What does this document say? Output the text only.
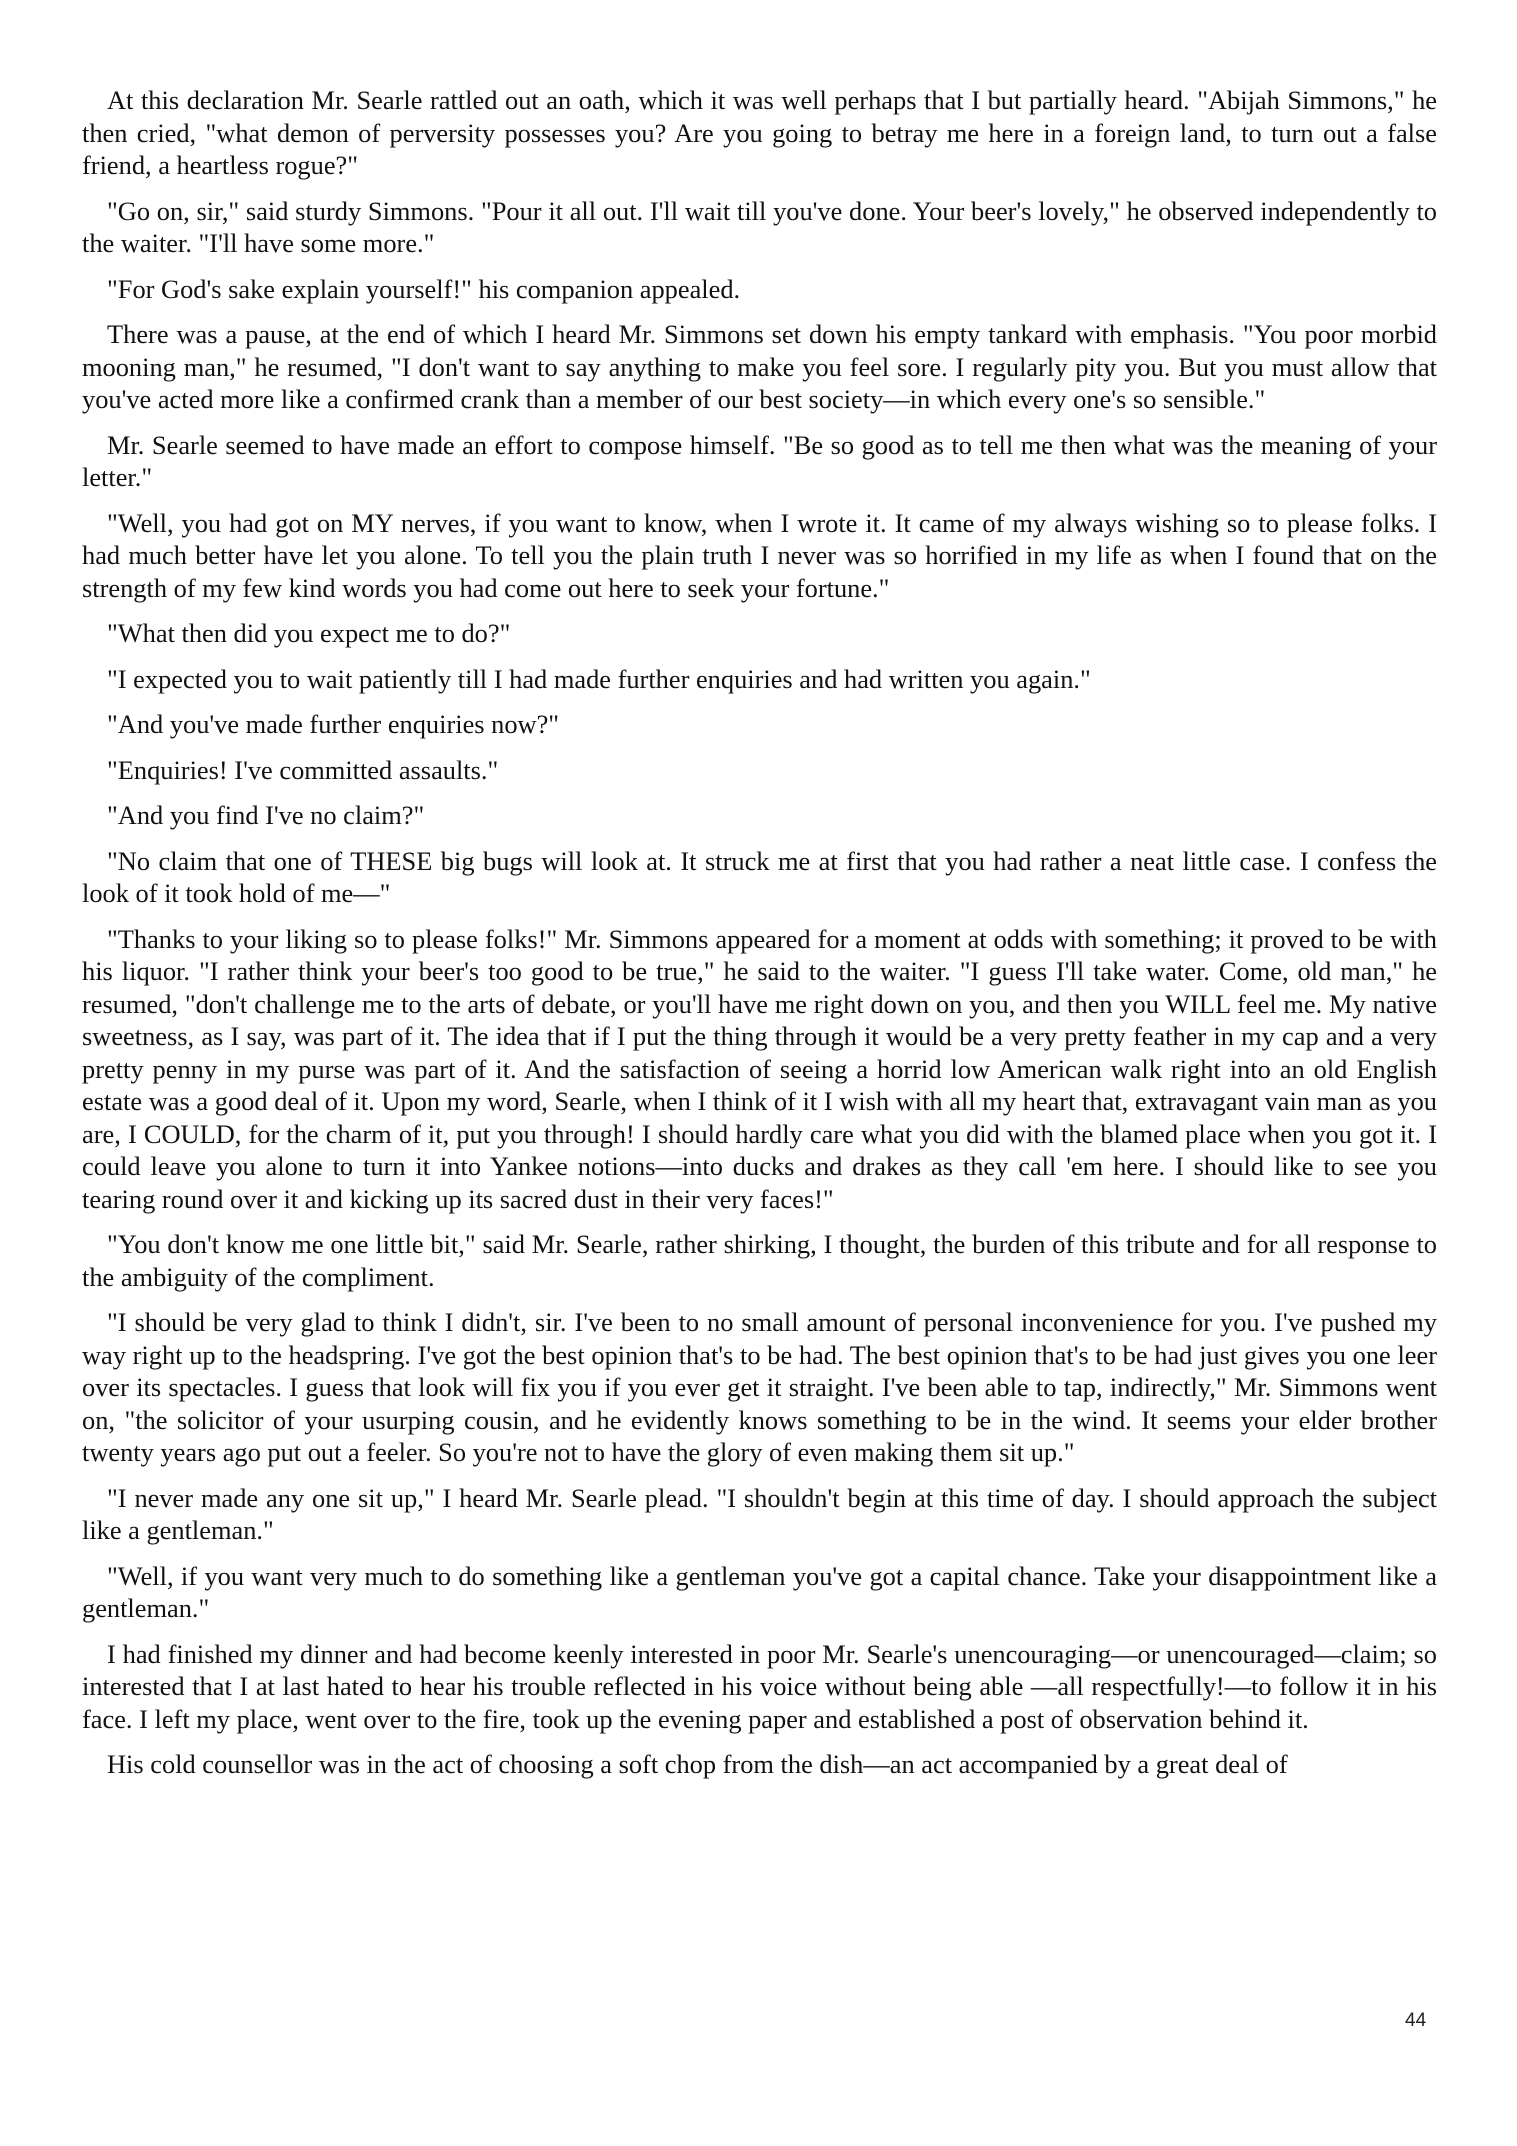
At this declaration Mr. Searle rattled out an oath, which it was well perhaps that I but partially heard. "Abijah Simmons," he then cried, "what demon of perversity possesses you? Are you going to betray me here in a foreign land, to turn out a false friend, a heartless rogue?"

"Go on, sir," said sturdy Simmons. "Pour it all out. I'll wait till you've done. Your beer's lovely," he observed independently to the waiter. "I'll have some more."

"For God's sake explain yourself!" his companion appealed.

There was a pause, at the end of which I heard Mr. Simmons set down his empty tankard with emphasis. "You poor morbid mooning man," he resumed, "I don't want to say anything to make you feel sore. I regularly pity you. But you must allow that you've acted more like a confirmed crank than a member of our best society—in which every one's so sensible."

Mr. Searle seemed to have made an effort to compose himself. "Be so good as to tell me then what was the meaning of your letter."

"Well, you had got on MY nerves, if you want to know, when I wrote it. It came of my always wishing so to please folks. I had much better have let you alone. To tell you the plain truth I never was so horrified in my life as when I found that on the strength of my few kind words you had come out here to seek your fortune."

"What then did you expect me to do?"

"I expected you to wait patiently till I had made further enquiries and had written you again."

"And you've made further enquiries now?"

"Enquiries! I've committed assaults."

"And you find I've no claim?"

"No claim that one of THESE big bugs will look at. It struck me at first that you had rather a neat little case. I confess the look of it took hold of me—"

"Thanks to your liking so to please folks!" Mr. Simmons appeared for a moment at odds with something; it proved to be with his liquor. "I rather think your beer's too good to be true," he said to the waiter. "I guess I'll take water. Come, old man," he resumed, "don't challenge me to the arts of debate, or you'll have me right down on you, and then you WILL feel me. My native sweetness, as I say, was part of it. The idea that if I put the thing through it would be a very pretty feather in my cap and a very pretty penny in my purse was part of it. And the satisfaction of seeing a horrid low American walk right into an old English estate was a good deal of it. Upon my word, Searle, when I think of it I wish with all my heart that, extravagant vain man as you are, I COULD, for the charm of it, put you through! I should hardly care what you did with the blamed place when you got it. I could leave you alone to turn it into Yankee notions—into ducks and drakes as they call 'em here. I should like to see you tearing round over it and kicking up its sacred dust in their very faces!"

"You don't know me one little bit," said Mr. Searle, rather shirking, I thought, the burden of this tribute and for all response to the ambiguity of the compliment.

"I should be very glad to think I didn't, sir. I've been to no small amount of personal inconvenience for you. I've pushed my way right up to the headspring. I've got the best opinion that's to be had. The best opinion that's to be had just gives you one leer over its spectacles. I guess that look will fix you if you ever get it straight. I've been able to tap, indirectly," Mr. Simmons went on, "the solicitor of your usurping cousin, and he evidently knows something to be in the wind. It seems your elder brother twenty years ago put out a feeler. So you're not to have the glory of even making them sit up."

"I never made any one sit up," I heard Mr. Searle plead. "I shouldn't begin at this time of day. I should approach the subject like a gentleman."

"Well, if you want very much to do something like a gentleman you've got a capital chance. Take your disappointment like a gentleman."

I had finished my dinner and had become keenly interested in poor Mr. Searle's unencouraging—or unencouraged—claim; so interested that I at last hated to hear his trouble reflected in his voice without being able —all respectfully!—to follow it in his face. I left my place, went over to the fire, took up the evening paper and established a post of observation behind it.

His cold counsellor was in the act of choosing a soft chop from the dish—an act accompanied by a great deal of

44
